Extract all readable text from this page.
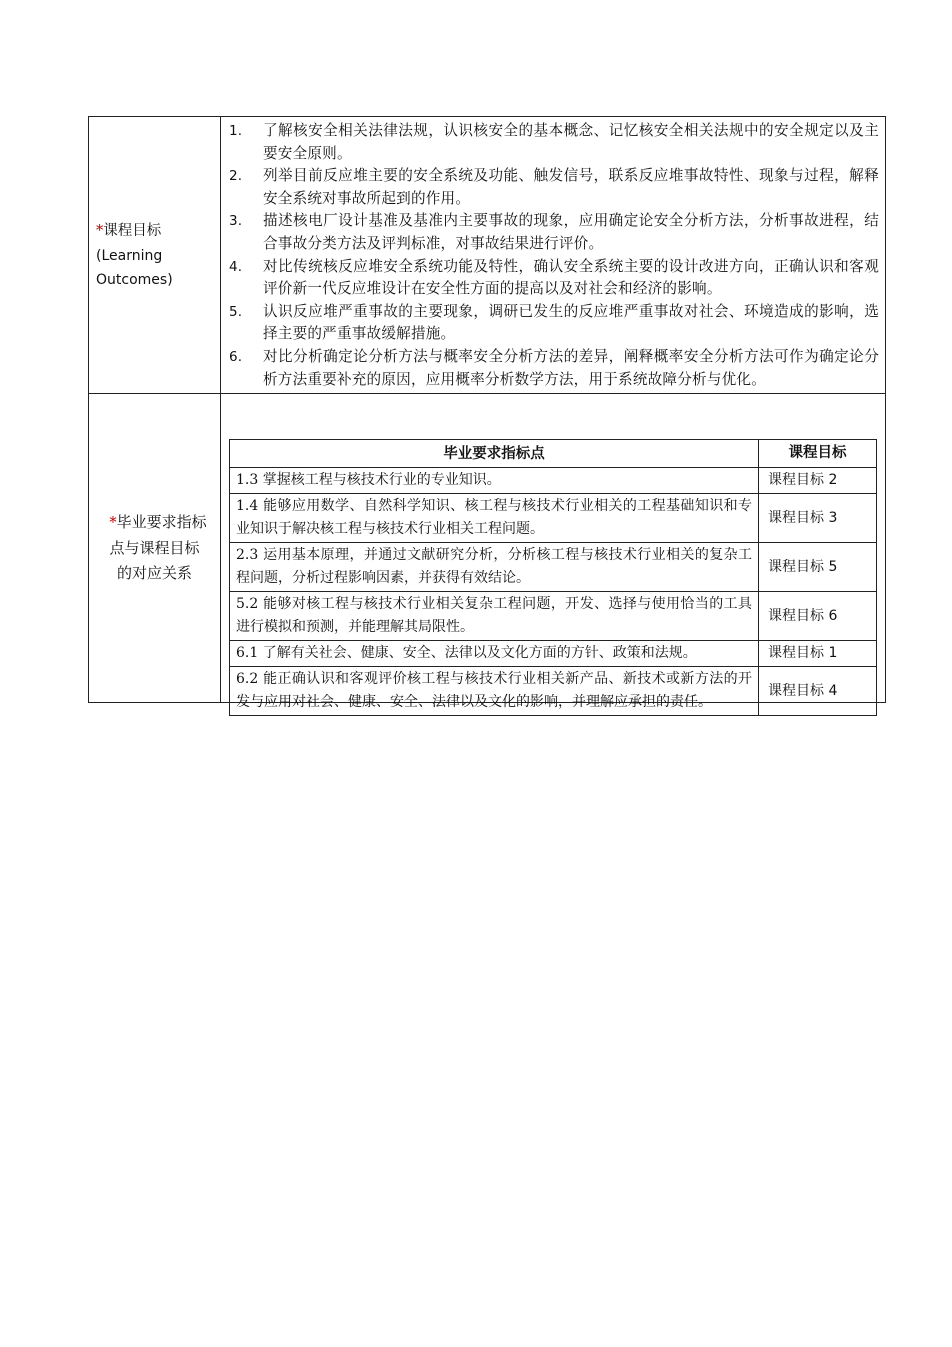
*课程目标
(Learning
Outcomes)

1.	了解核安全相关法律法规，认识核安全的基本概念、记忆核安全相关法规中的安全规定以及主要安全原则。
2.	列举目前反应堆主要的安全系统及功能、触发信号，联系反应堆事故特性、现象与过程，解释安全系统对事故所起到的作用。
3.	描述核电厂设计基准及基准内主要事故的现象，应用确定论安全分析方法，分析事故进程，结合事故分类方法及评判标准，对事故结果进行评价。
4.	对比传统核反应堆安全系统功能及特性，确认安全系统主要的设计改进方向，正确认识和客观评价新一代反应堆设计在安全性方面的提高以及对社会和经济的影响。
5.	认识反应堆严重事故的主要现象，调研已发生的反应堆严重事故对社会、环境造成的影响，选择主要的严重事故缓解措施。
6.	对比分析确定论分析方法与概率安全分析方法的差异，阐释概率安全分析方法可作为确定论分析方法重要补充的原因，应用概率分析数学方法，用于系统故障分析与优化。

*毕业要求指标
点与课程目标
的对应关系

毕业要求指标点	课程目标
1.3 掌握核工程与核技术行业的专业知识。	课程目标 2
1.4 能够应用数学、自然科学知识、核工程与核技术行业相关的工程基础知识和专业知识于解决核工程与核技术行业相关工程问题。	课程目标 3
2.3 运用基本原理，并通过文献研究分析，分析核工程与核技术行业相关的复杂工程问题，分析过程影响因素，并获得有效结论。	课程目标 5
5.2 能够对核工程与核技术行业相关复杂工程问题，开发、选择与使用恰当的工具进行模拟和预测，并能理解其局限性。	课程目标 6
6.1 了解有关社会、健康、安全、法律以及文化方面的方针、政策和法规。	课程目标 1
6.2 能正确认识和客观评价核工程与核技术行业相关新产品、新技术或新方法的开发与应用对社会、健康、安全、法律以及文化的影响，并理解应承担的责任。	课程目标 4
